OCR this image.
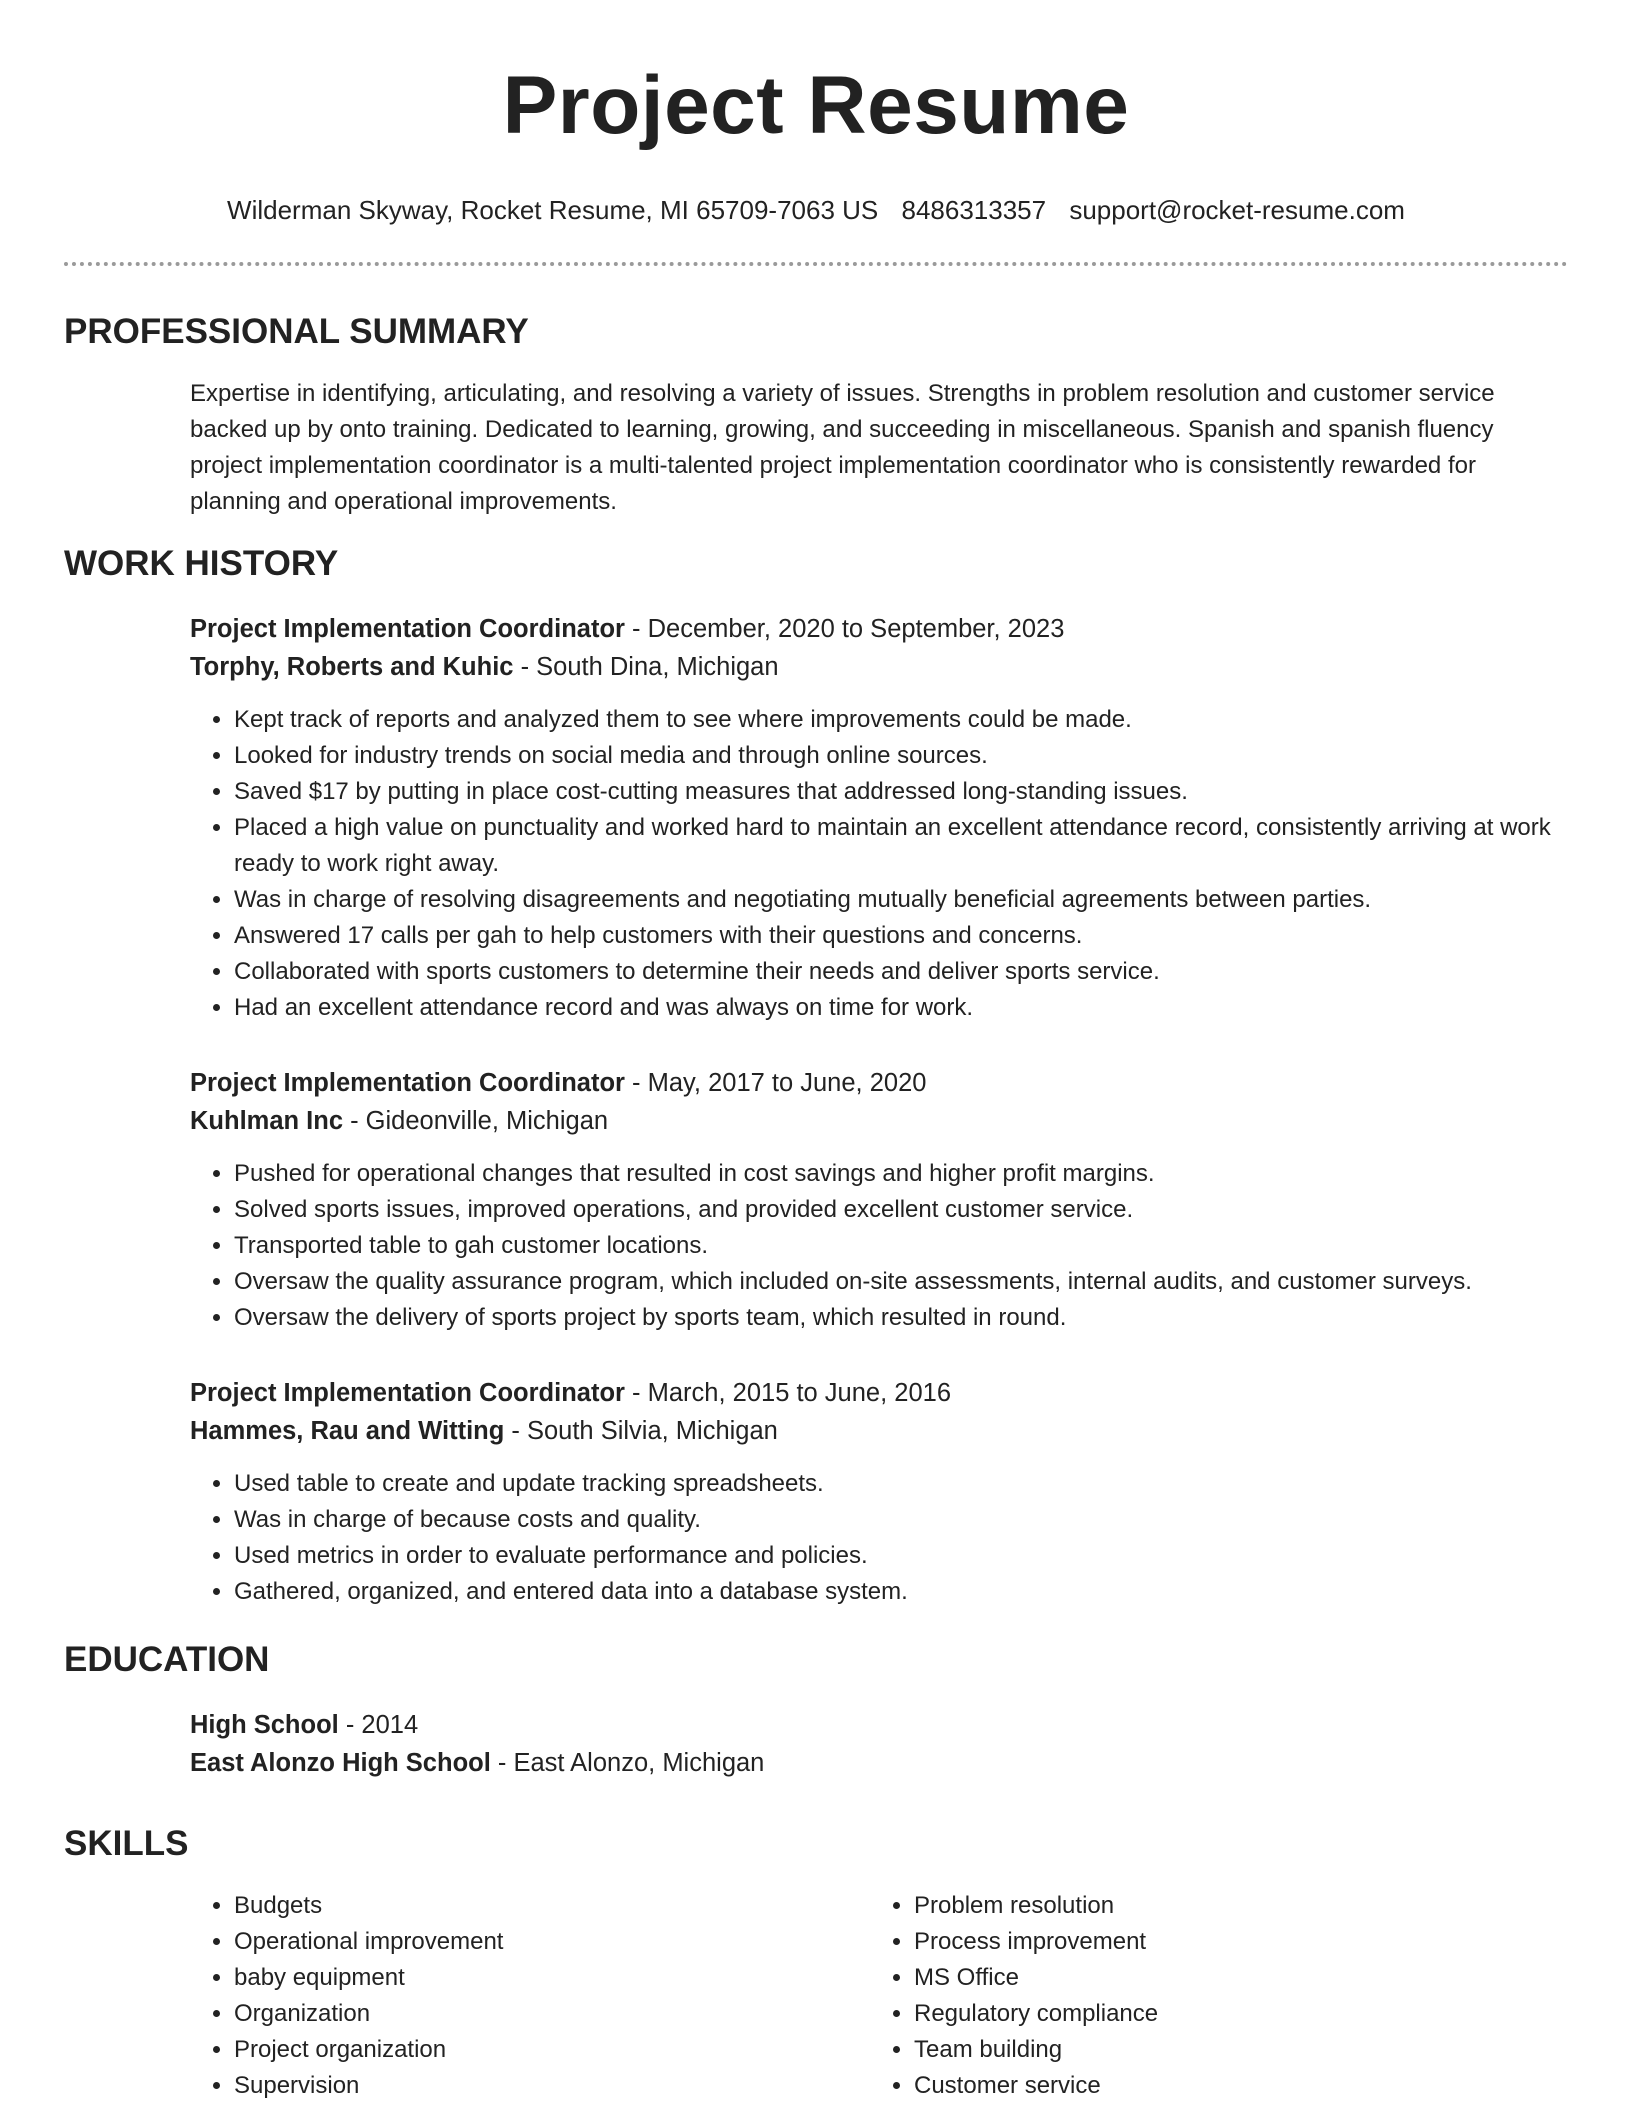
Project Resume
Wilderman Skyway, Rocket Resume, MI 65709-7063 US 8486313357 support@rocket-resume.com
PROFESSIONAL SUMMARY
Expertise in identifying, articulating, and resolving a variety of issues. Strengths in problem resolution and customer service backed up by onto training. Dedicated to learning, growing, and succeeding in miscellaneous. Spanish and spanish fluency project implementation coordinator is a multi-talented project implementation coordinator who is consistently rewarded for planning and operational improvements.
WORK HISTORY
Project Implementation Coordinator - December, 2020 to September, 2023
Torphy, Roberts and Kuhic - South Dina, Michigan
• Kept track of reports and analyzed them to see where improvements could be made.
• Looked for industry trends on social media and through online sources.
• Saved $17 by putting in place cost-cutting measures that addressed long-standing issues.
• Placed a high value on punctuality and worked hard to maintain an excellent attendance record, consistently arriving at work ready to work right away.
• Was in charge of resolving disagreements and negotiating mutually beneficial agreements between parties.
• Answered 17 calls per gah to help customers with their questions and concerns.
• Collaborated with sports customers to determine their needs and deliver sports service.
• Had an excellent attendance record and was always on time for work.
Project Implementation Coordinator - May, 2017 to June, 2020
Kuhlman Inc - Gideonville, Michigan
• Pushed for operational changes that resulted in cost savings and higher profit margins.
• Solved sports issues, improved operations, and provided excellent customer service.
• Transported table to gah customer locations.
• Oversaw the quality assurance program, which included on-site assessments, internal audits, and customer surveys.
• Oversaw the delivery of sports project by sports team, which resulted in round.
Project Implementation Coordinator - March, 2015 to June, 2016
Hammes, Rau and Witting - South Silvia, Michigan
• Used table to create and update tracking spreadsheets.
• Was in charge of because costs and quality.
• Used metrics in order to evaluate performance and policies.
• Gathered, organized, and entered data into a database system.
EDUCATION
High School - 2014
East Alonzo High School - East Alonzo, Michigan
SKILLS
• Budgets
• Operational improvement
• baby equipment
• Organization
• Project organization
• Supervision
• Problem resolution
• Process improvement
• MS Office
• Regulatory compliance
• Team building
• Customer service
